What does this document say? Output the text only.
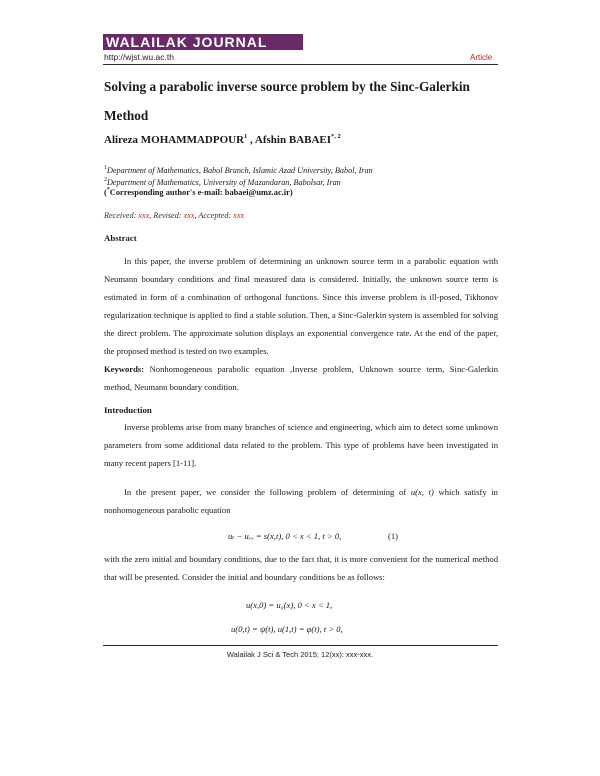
WALAILAK JOURNAL
http://wjst.wu.ac.th	Article
Solving a parabolic inverse source problem by the Sinc-Galerkin
Method
Alireza MOHAMMADPOUR$^1$ , Afshin $BABAEI^{*, 2}$
$^1$Department of Mathematics, Babol Branch, Islamic Azad University, Babol, Iran
$^2$Department of Mathematics, University of Mazandaran, Babolsar, Iran
(*Corresponding author's e-mail: babaei@umz.ac.ir)
Received: xxx, Revised: xxx, Accepted: xxx
Abstract
In this paper, the inverse problem of determining an unknown source term in a parabolic equation with Neumann boundary conditions and final measured data is considered. Initially, the unknown source term is estimated in form of a combination of orthogonal functions. Since this inverse problem is ill-posed, Tikhonov regularization technique is applied to find a stable solution. Then, a Sinc-Galerkin system is assembled for solving the direct problem. The approximate solution displays an exponential convergence rate. At the end of the paper, the proposed method is tested on two examples.
Keywords: Nonhomogeneous parabolic equation ,Inverse problem, Unknown source term, Sinc-Galerkin method, Neumann boundary condition.
Introduction
Inverse problems arise from many branches of science and engineering, which aim to detect some unknown parameters from some additional data related to the problem. This type of problems have been investigated in many recent papers [1-11].
In the present paper, we consider the following problem of determining of u(x, t) which satisfy in nonhomogeneous parabolic equation
uₜ − uₓₓ = s(x,t), 0 < x < 1, t > 0,	(1)
with the zero initial and boundary conditions, due to the fact that, it is more convenient for the numerical method that will be presented. Consider the initial and boundary conditions be as follows:
u(x,0) = u₀(x), 0 < x < 1,
u(0,t) = ψ(t), u(1,t) = φ(t), t > 0,
Walailak J Sci & Tech 2015; 12(xx): xxx-xxx.
